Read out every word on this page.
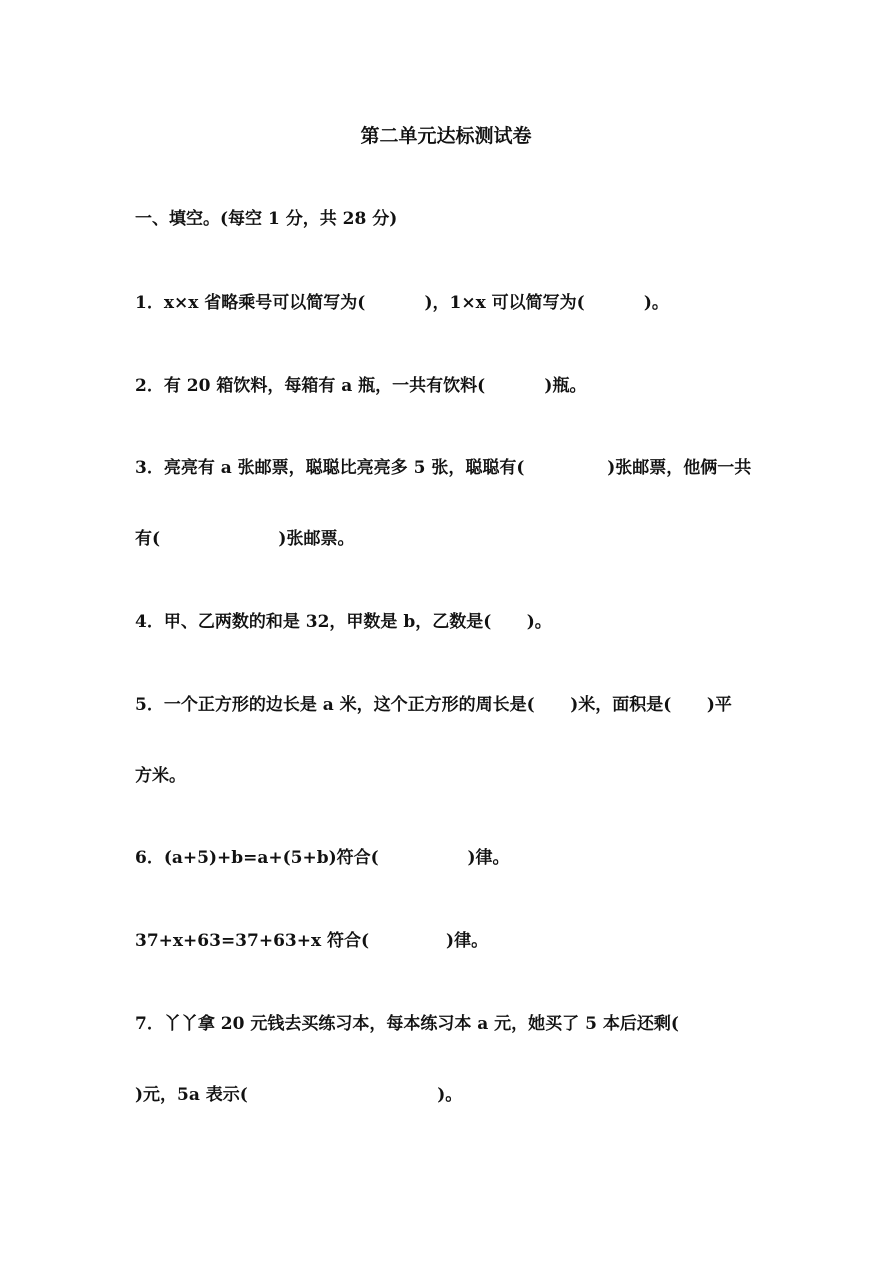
第二单元达标测试卷
一、填空。(每空 1 分，共 28 分)
1．x×x 省略乘号可以简写为(          )，1×x 可以简写为(          )。
2．有 20 箱饮料，每箱有 a 瓶，一共有饮料(          )瓶。
3．亮亮有 a 张邮票，聪聪比亮亮多 5 张，聪聪有(              )张邮票，他俩一共
有(                    )张邮票。
4．甲、乙两数的和是 32，甲数是 b，乙数是(      )。
5．一个正方形的边长是 a 米，这个正方形的周长是(      )米，面积是(      )平
方米。
6．(a+5)+b=a+(5+b)符合(               )律。
37+x+63=37+63+x 符合(             )律。
7．丫丫拿 20 元钱去买练习本，每本练习本 a 元，她买了 5 本后还剩(
)元，5a 表示(                                )。
